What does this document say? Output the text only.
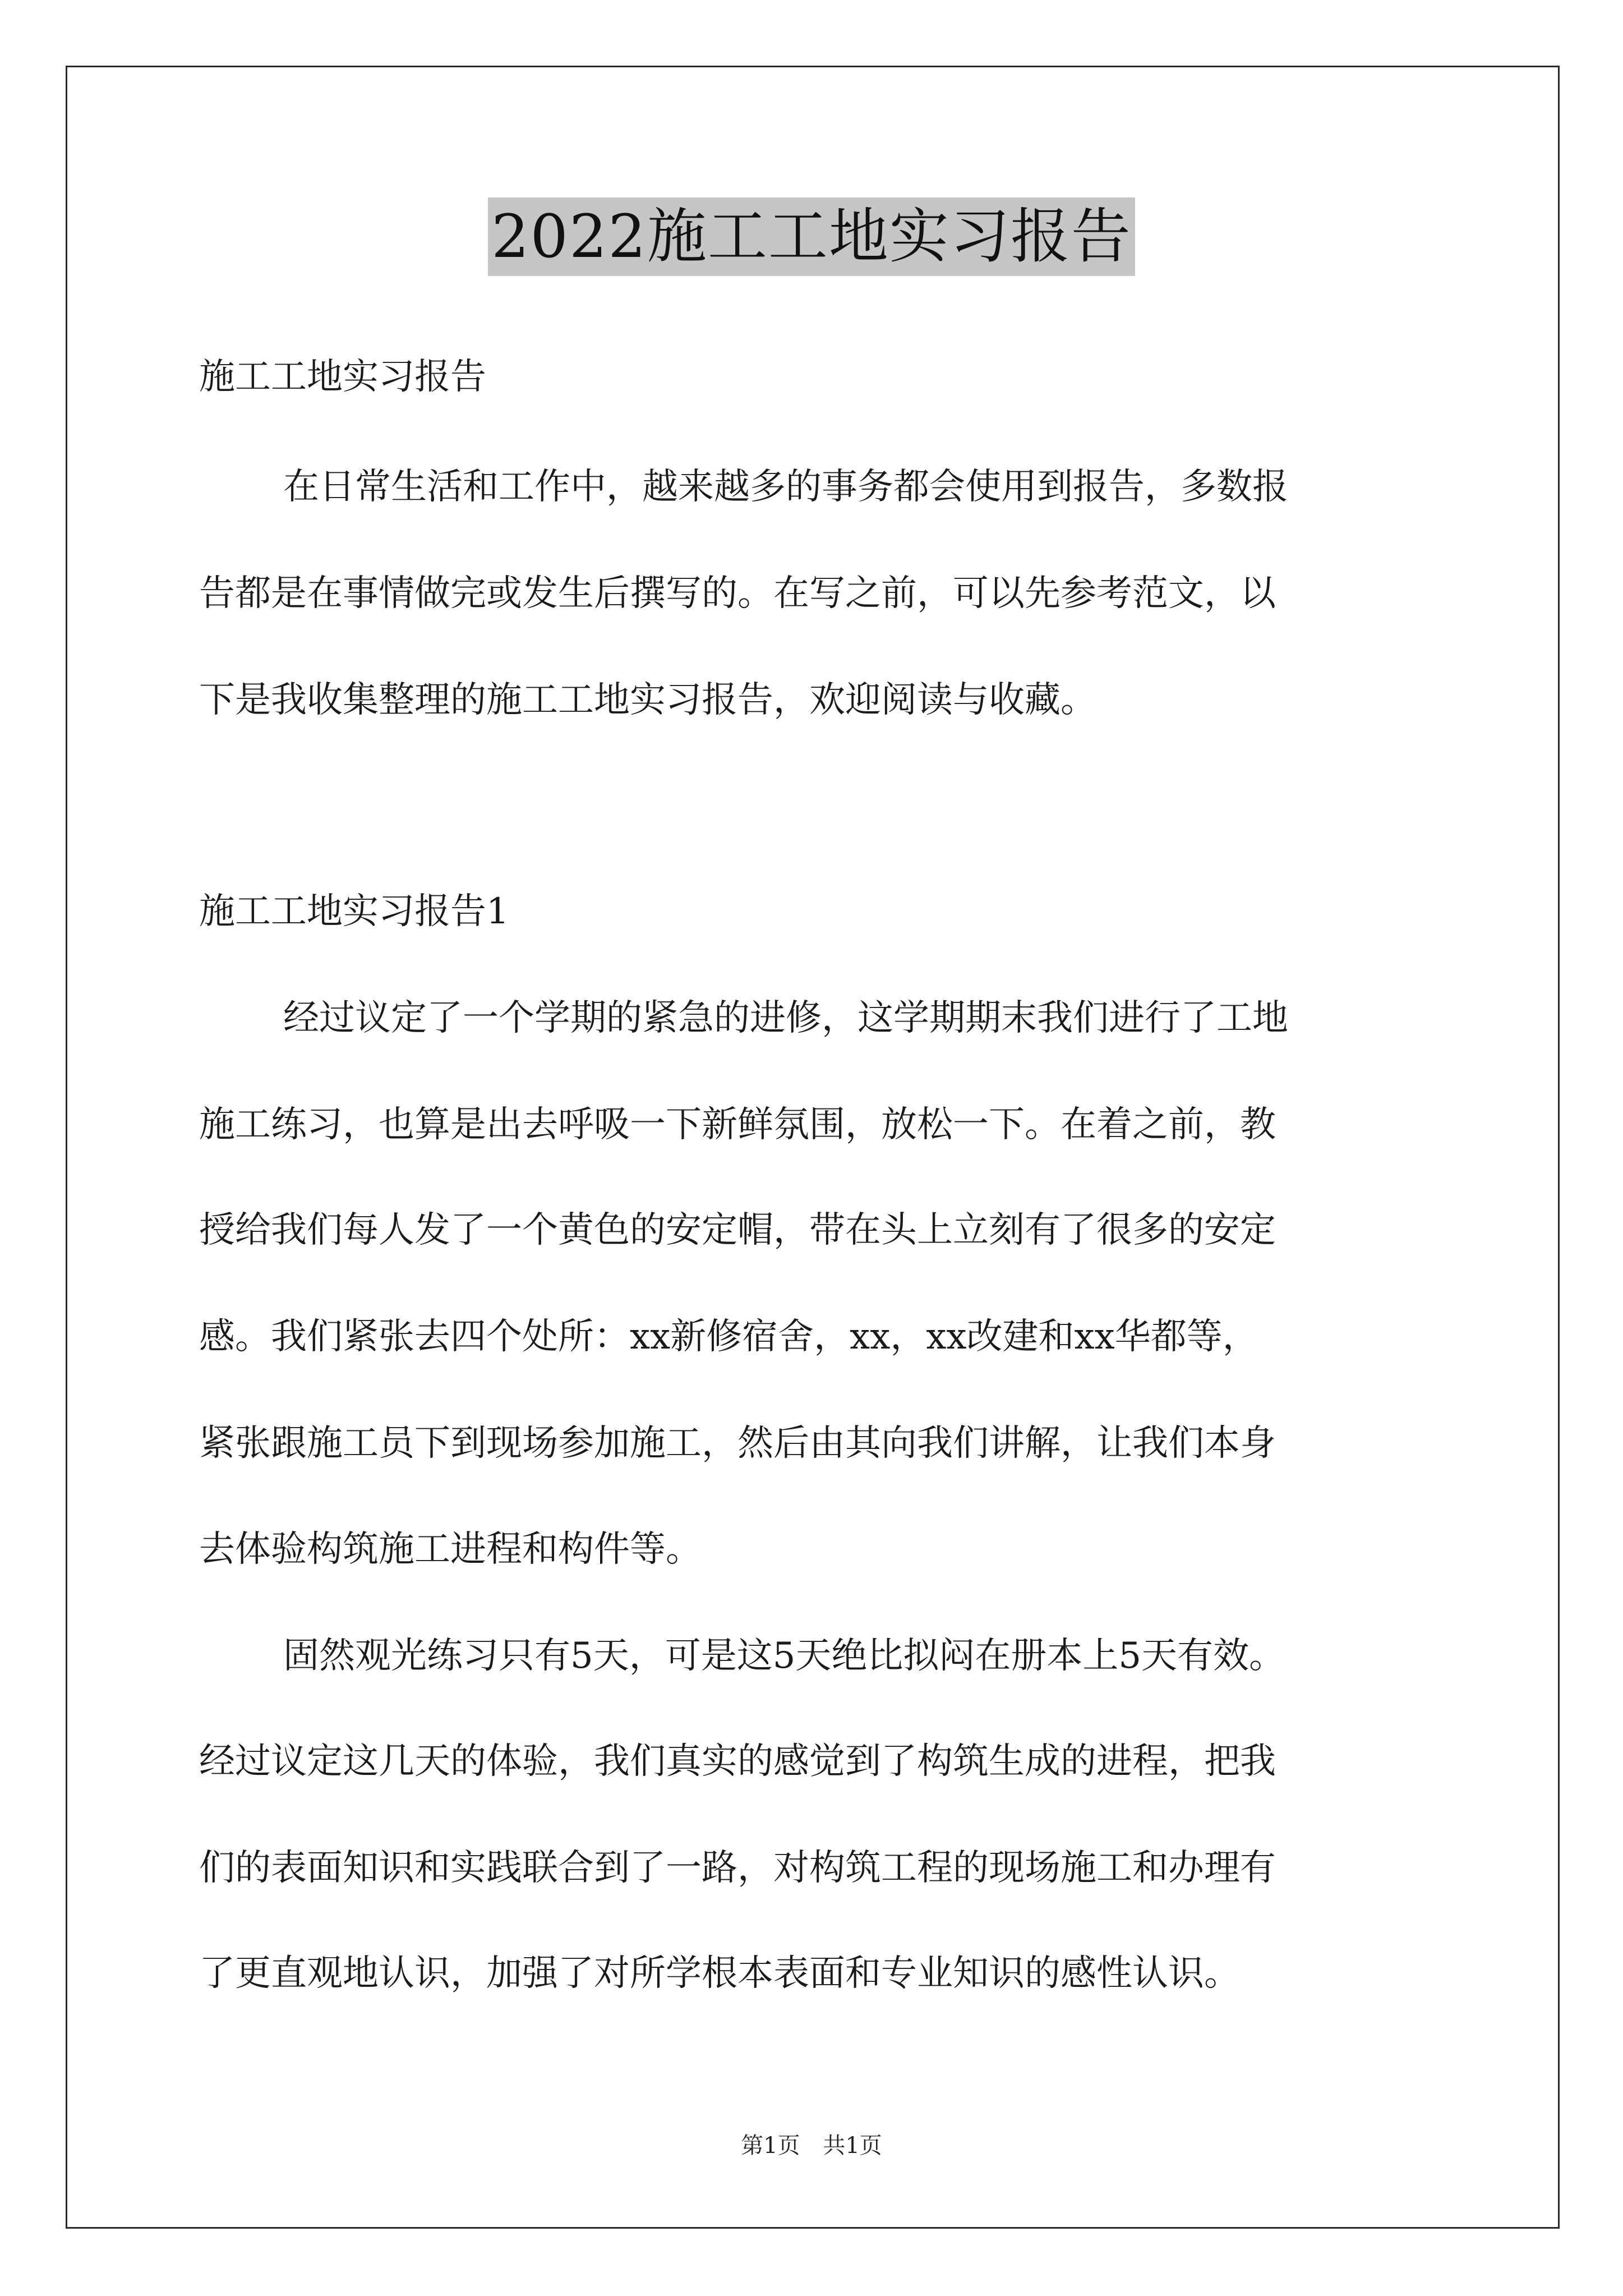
2022施工工地实习报告
施工工地实习报告
在日常生活和工作中，越来越多的事务都会使用到报告，多数报
告都是在事情做完或发生后撰写的。在写之前，可以先参考范文，以
下是我收集整理的施工工地实习报告，欢迎阅读与收藏。
施工工地实习报告1
经过议定了一个学期的紧急的进修，这学期期末我们进行了工地
施工练习，也算是出去呼吸一下新鲜氛围，放松一下。在着之前，教
授给我们每人发了一个黄色的安定帽，带在头上立刻有了很多的安定
感。我们紧张去四个处所：xx新修宿舍，xx，xx改建和xx华都等，
紧张跟施工员下到现场参加施工，然后由其向我们讲解，让我们本身
去体验构筑施工进程和构件等。
固然观光练习只有5天，可是这5天绝比拟闷在册本上5天有效。
经过议定这几天的体验，我们真实的感觉到了构筑生成的进程，把我
们的表面知识和实践联合到了一路，对构筑工程的现场施工和办理有
了更直观地认识，加强了对所学根本表面和专业知识的感性认识。
第1页 共1页
